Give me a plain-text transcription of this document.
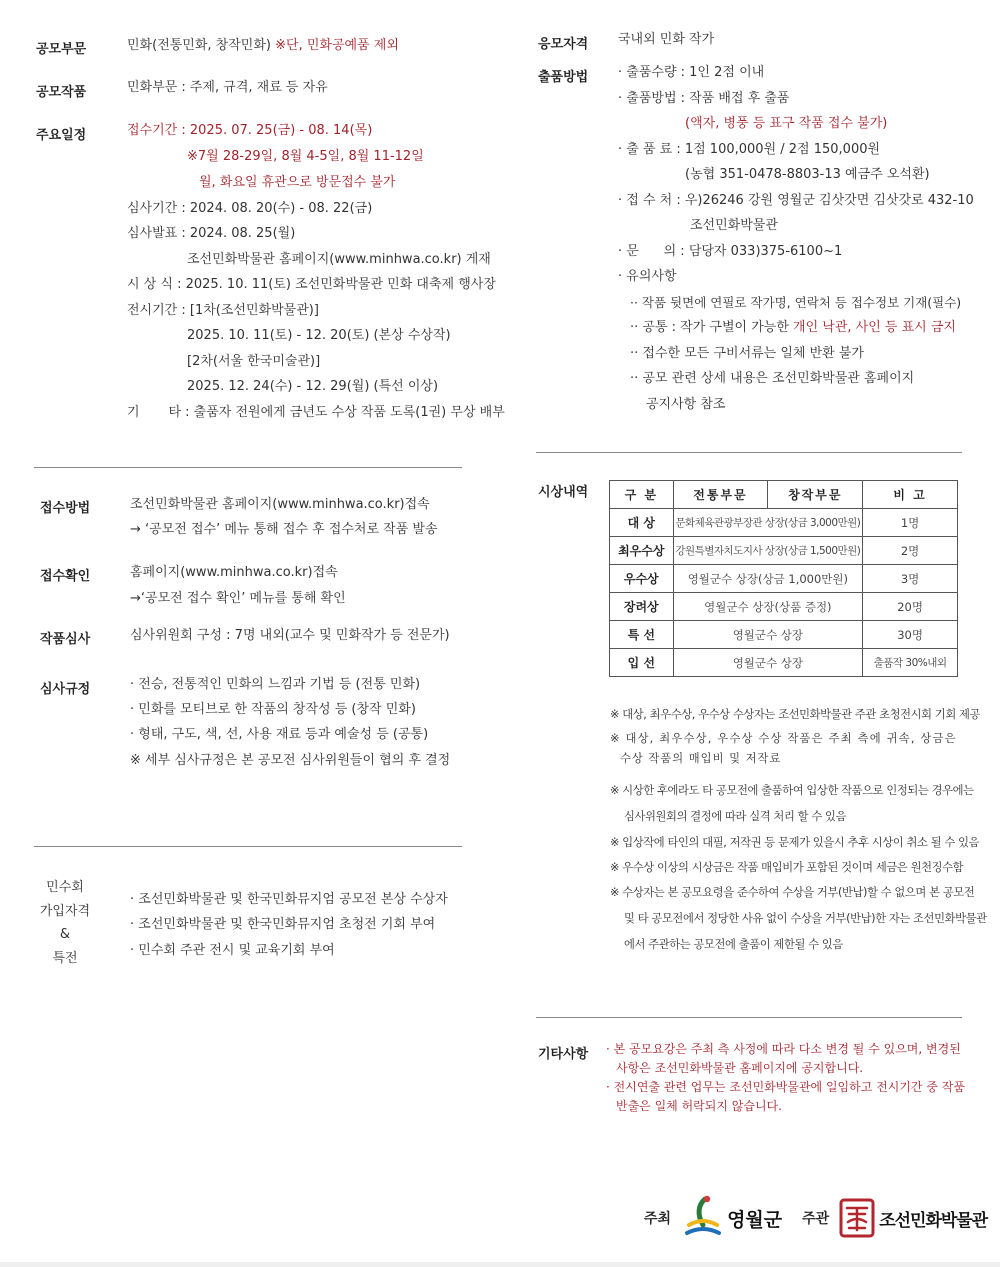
공모부문	민화(전통민화, 창작민화) ※단, 민화공예품 제외
공모작품	민화부문 : 주제, 규격, 재료 등 자유
주요일정	접수기간 : 2025. 07. 25(금) - 08. 14(목)
※7월 28-29일, 8월 4-5일, 8월 11-12일
월, 화요일 휴관으로 방문접수 불가
심사기간 : 2024. 08. 20(수) - 08. 22(금)
심사발표 : 2024. 08. 25(월)
조선민화박물관 홈페이지(www.minhwa.co.kr) 게재
시 상 식 : 2025. 10. 11(토) 조선민화박물관 민화 대축제 행사장
전시기간 : [1차(조선민화박물관)]
2025. 10. 11(토) - 12. 20(토) (본상 수상작)
[2차(서울 한국미술관)]
2025. 12. 24(수) - 12. 29(월) (특선 이상)
기       타 : 출품자 전원에게 금년도 수상 작품 도록(1권) 무상 배부
접수방법	조선민화박물관 홈페이지(www.minhwa.co.kr)접속
→ ‘공모전 접수’ 메뉴 통해 접수 후 접수처로 작품 발송
접수확인	홈페이지(www.minhwa.co.kr)접속
→‘공모전 접수 확인’ 메뉴를 통해 확인
작품심사	심사위원회 구성 : 7명 내외(교수 및 민화작가 등 전문가)
심사규정	· 전승, 전통적인 민화의 느낌과 기법 등 (전통 민화)
· 민화를 모티브로 한 작품의 창작성 등 (창작 민화)
· 형태, 구도, 색, 선, 사용 재료 등과 예술성 등 (공통)
※ 세부 심사규정은 본 공모전 심사위원들이 협의 후 결정
민수회
가입자격
&
특전
· 조선민화박물관 및 한국민화뮤지엄 공모전 본상 수상자
· 조선민화박물관 및 한국민화뮤지엄 초청전 기회 부여
· 민수회 주관 전시 및 교육기회 부여
응모자격 국내외 민화 작가
출품방법 · 출품수량 : 1인 2점 이내
· 출품방법 : 작품 배접 후 출품
(액자, 병풍 등 표구 작품 접수 불가)
· 출 품 료 : 1점 100,000원 / 2점 150,000원
(농협 351-0478-8803-13 예금주 오석환)
· 접 수 처 : 우)26246 강원 영월군 김삿갓면 김삿갓로 432-10
조선민화박물관
· 문      의 : 담당자 033)375-6100~1
· 유의사항
·· 작품 뒷면에 연필로 작가명, 연락처 등 접수정보 기재(필수)
·· 공통 : 작가 구별이 가능한 개인 낙관, 사인 등 표시 금지
·· 접수한 모든 구비서류는 일체 반환 불가
·· 공모 관련 상세 내용은 조선민화박물관 홈페이지
공지사항 참조
시상내역	구 분	전통부문	창작부문	비 고
대 상	문화체육관광부장관 상장(상금 3,000만원)		1명
최우수상	강원특별자치도지사 상장(상금 1,500만원)		2명
우수상	영월군수 상장(상금 1,000만원)		3명
장려상	영월군수 상장(상품 증정)		20명
특 선	영월군수 상장		30명
입 선	영월군수 상장		출품작 30%내외
※ 대상, 최우수상, 우수상 수상자는 조선민화박물관 주관 초청전시회 기회 제공
※ 대상, 최우수상, 우수상 수상 작품은 주최 측에 귀속, 상금은
수상 작품의 매입비 및 저작료
※ 시상한 후에라도 타 공모전에 출품하여 입상한 작품으로 인정되는 경우에는
심사위원회의 결정에 따라 실격 처리 할 수 있음
※ 입상작에 타인의 대필, 저작권 등 문제가 있을시 추후 시상이 취소 될 수 있음
※ 우수상 이상의 시상금은 작품 매입비가 포함된 것이며 세금은 원천징수함
※ 수상자는 본 공모요령을 준수하여 수상을 거부(반납)할 수 없으며 본 공모전
및 타 공모전에서 정당한 사유 없이 수상을 거부(반납)한 자는 조선민화박물관
에서 주관하는 공모전에 출품이 제한될 수 있음
기타사항 · 본 공모요강은 주최 측 사정에 따라 다소 변경 될 수 있으며, 변경된
사항은 조선민화박물관 홈페이지에 공지합니다.
· 전시연출 관련 업무는 조선민화박물관에 일임하고 전시기간 중 작품
반출은 일체 허락되지 않습니다.
주최	영월군 주관	조선민화박물관
